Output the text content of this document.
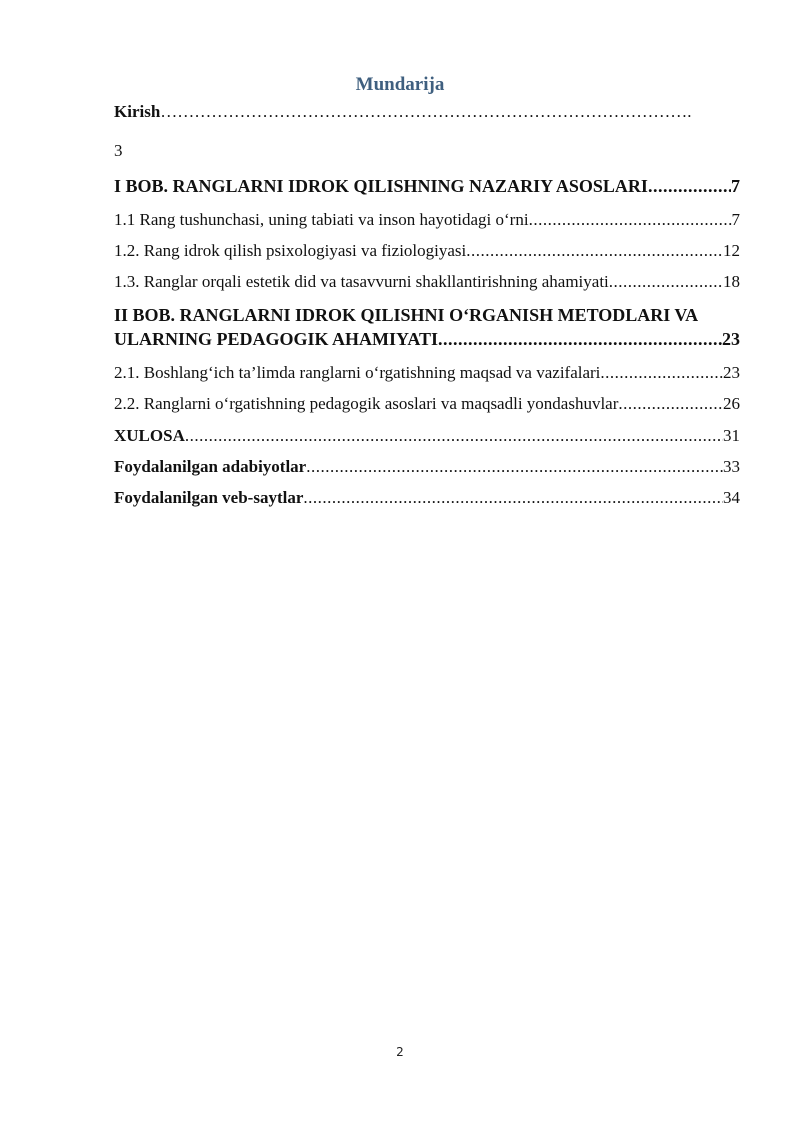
Mundarija
Kirish………………………………………………………………………………….
3
I BOB. RANGLARNI IDROK QILISHNING NAZARIY ASOSLARI .....	7
1.1 Rang tushunchasi, uning tabiati va inson hayotidagi o‘rni .....	7
1.2. Rang idrok qilish psixologiyasi va fiziologiyasi .....	12
1.3. Ranglar orqali estetik did va tasavvurni shakllantirishning ahamiyati .....	18
II BOB. RANGLARNI IDROK QILISHNI O‘RGANISH METODLARI VA
ULARNING PEDAGOGIK AHAMIYATI .....	23
2.1. Boshlang‘ich ta’limda ranglarni o‘rgatishning maqsad va vazifalari .....	23
2.2. Ranglarni o‘rgatishning pedagogik asoslari va maqsadli yondashuvlar .....	26
XULOSA .....	31
Foydalanilgan adabiyotlar .....	33
Foydalanilgan veb-saytlar .....	34
2
